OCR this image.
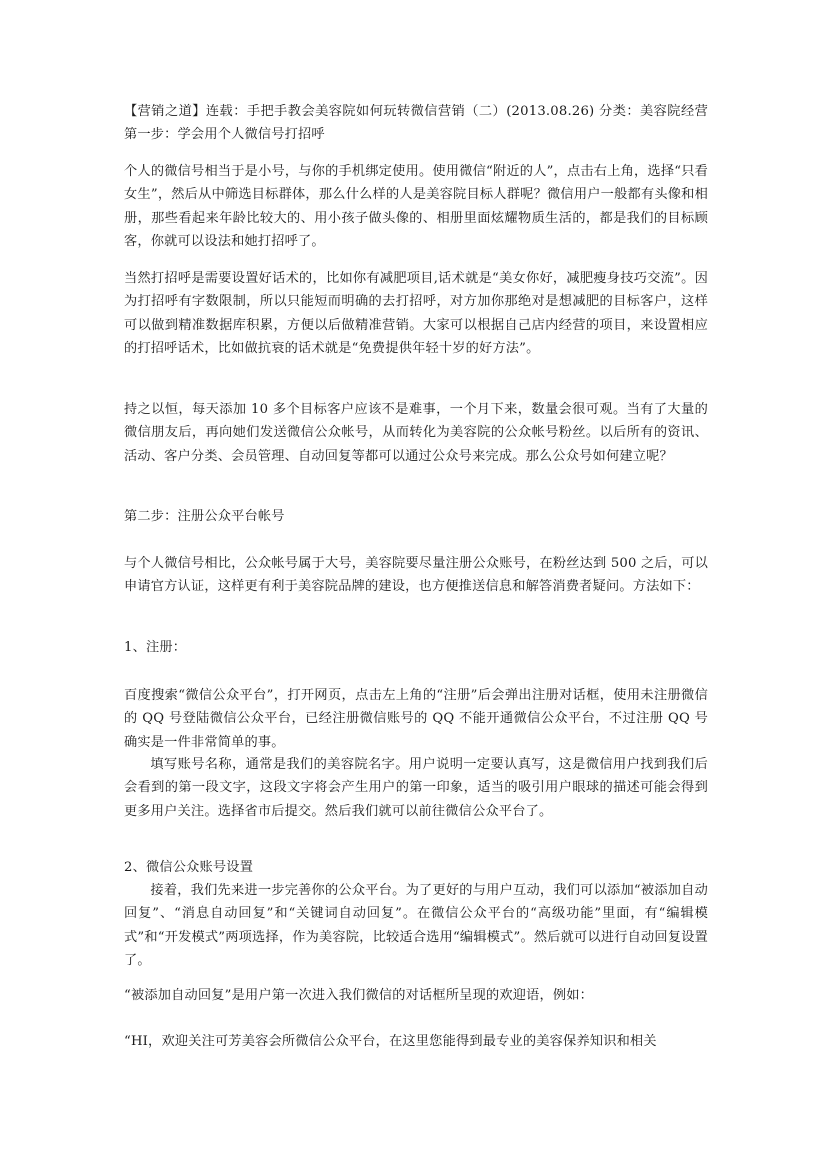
【营销之道】连载：手把手教会美容院如何玩转微信营销（二）(2013.08.26) 分类：美容院经营 第一步：学会用个人微信号打招呼

个人的微信号相当于是小号，与你的手机绑定使用。使用微信“附近的人”，点击右上角，选择“只看女生”，然后从中筛选目标群体，那么什么样的人是美容院目标人群呢？微信用户一般都有头像和相册，那些看起来年龄比较大的、用小孩子做头像的、相册里面炫耀物质生活的，都是我们的目标顾客，你就可以设法和她打招呼了。

当然打招呼是需要设置好话术的，比如你有减肥项目,话术就是“美女你好，减肥瘦身技巧交流”。因为打招呼有字数限制，所以只能短而明确的去打招呼，对方加你那绝对是想减肥的目标客户，这样可以做到精准数据库积累，方便以后做精准营销。大家可以根据自己店内经营的项目，来设置相应的打招呼话术，比如做抗衰的话术就是“免费提供年轻十岁的好方法”。

持之以恒，每天添加 10 多个目标客户应该不是难事，一个月下来，数量会很可观。当有了大量的微信朋友后，再向她们发送微信公众帐号，从而转化为美容院的公众帐号粉丝。以后所有的资讯、活动、客户分类、会员管理、自动回复等都可以通过公众号来完成。那么公众号如何建立呢？

第二步：注册公众平台帐号

与个人微信号相比，公众帐号属于大号，美容院要尽量注册公众账号，在粉丝达到 500 之后，可以申请官方认证，这样更有利于美容院品牌的建设，也方便推送信息和解答消费者疑问。方法如下：

1、注册：

百度搜索“微信公众平台”，打开网页，点击左上角的“注册”后会弹出注册对话框，使用未注册微信的 QQ 号登陆微信公众平台，已经注册微信账号的 QQ 不能开通微信公众平台，不过注册 QQ 号确实是一件非常简单的事。

填写账号名称，通常是我们的美容院名字。用户说明一定要认真写，这是微信用户找到我们后会看到的第一段文字，这段文字将会产生用户的第一印象，适当的吸引用户眼球的描述可能会得到更多用户关注。选择省市后提交。然后我们就可以前往微信公众平台了。

2、微信公众账号设置

接着，我们先来进一步完善你的公众平台。为了更好的与用户互动，我们可以添加“被添加自动回复”、“消息自动回复”和“关键词自动回复”。在微信公众平台的“高级功能”里面，有“编辑模式”和“开发模式”两项选择，作为美容院，比较适合选用“编辑模式”。然后就可以进行自动回复设置了。

“被添加自动回复”是用户第一次进入我们微信的对话框所呈现的欢迎语，例如：

“HI，欢迎关注可芳美容会所微信公众平台，在这里您能得到最专业的美容保养知识和相关
